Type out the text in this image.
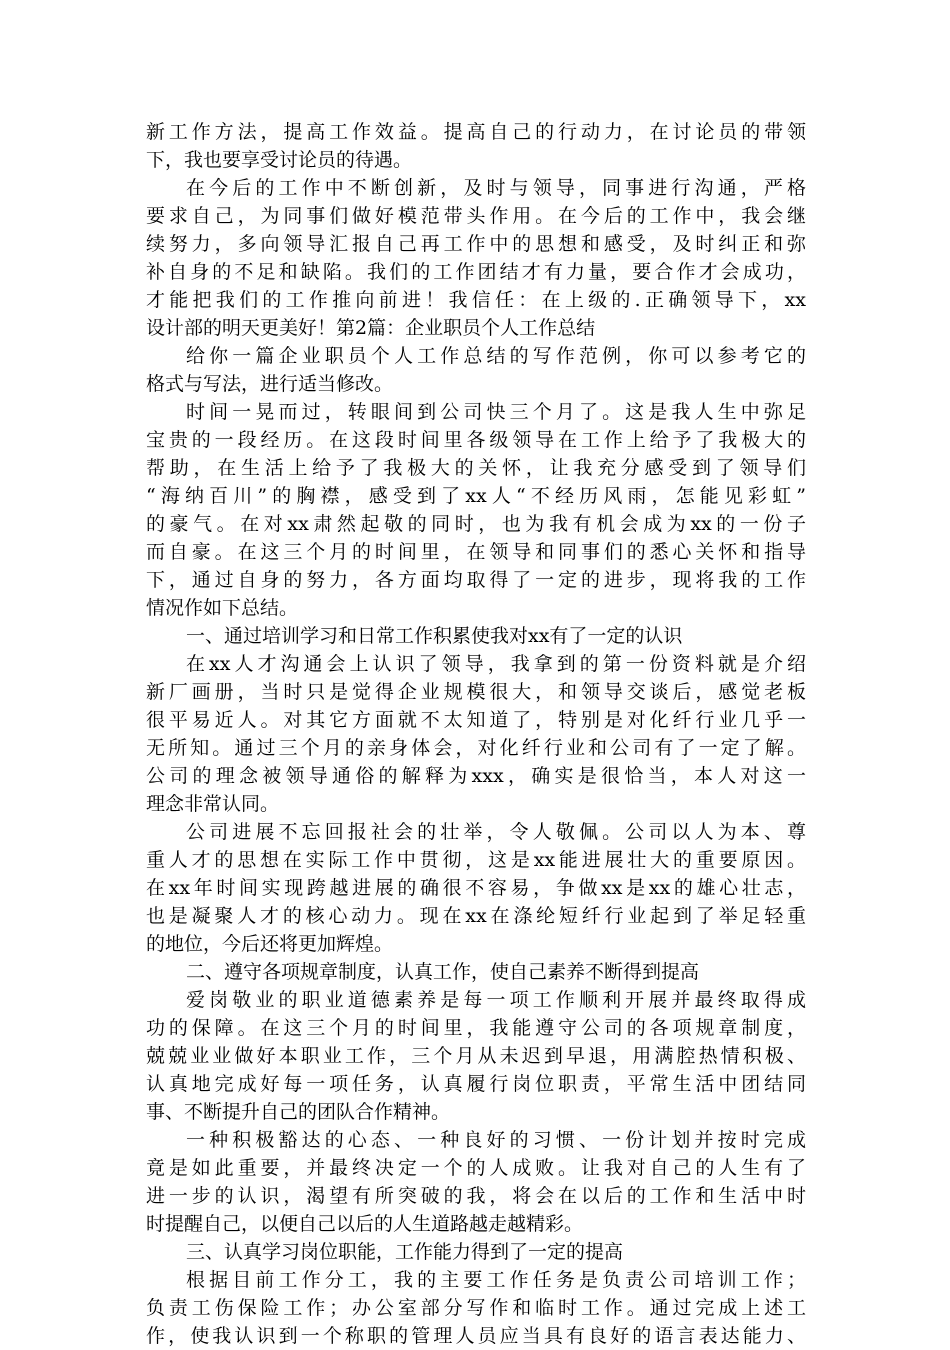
新工作方法，提高工作效益。提高自己的行动力，在讨论员的带领
下，我也要享受讨论员的待遇。
在今后的工作中不断创新，及时与领导，同事进行沟通，严格
要求自己，为同事们做好模范带头作用。在今后的工作中，我会继
续努力，多向领导汇报自己再工作中的思想和感受，及时纠正和弥
补自身的不足和缺陷。我们的工作团结才有力量，要合作才会成功，
才能把我们的工作推向前进！我信任：在上级的.正确领导下，xx
设计部的明天更美好！第2篇：企业职员个人工作总结
给你一篇企业职员个人工作总结的写作范例，你可以参考它的
格式与写法，进行适当修改。
时间一晃而过，转眼间到公司快三个月了。这是我人生中弥足
宝贵的一段经历。在这段时间里各级领导在工作上给予了我极大的
帮助，在生活上给予了我极大的关怀，让我充分感受到了领导们
“海纳百川”的胸襟，感受到了xx人“不经历风雨，怎能见彩虹”
的豪气。在对xx肃然起敬的同时，也为我有机会成为xx的一份子
而自豪。在这三个月的时间里，在领导和同事们的悉心关怀和指导
下，通过自身的努力，各方面均取得了一定的进步，现将我的工作
情况作如下总结。
一、通过培训学习和日常工作积累使我对xx有了一定的认识
在xx人才沟通会上认识了领导，我拿到的第一份资料就是介绍
新厂画册，当时只是觉得企业规模很大，和领导交谈后，感觉老板
很平易近人。对其它方面就不太知道了，特别是对化纤行业几乎一
无所知。通过三个月的亲身体会，对化纤行业和公司有了一定了解。
公司的理念被领导通俗的解释为xxx，确实是很恰当，本人对这一
理念非常认同。
公司进展不忘回报社会的壮举，令人敬佩。公司以人为本、尊
重人才的思想在实际工作中贯彻，这是xx能进展壮大的重要原因。
在xx年时间实现跨越进展的确很不容易，争做xx是xx的雄心壮志，
也是凝聚人才的核心动力。现在xx在涤纶短纤行业起到了举足轻重
的地位，今后还将更加辉煌。
二、遵守各项规章制度，认真工作，使自己素养不断得到提高
爱岗敬业的职业道德素养是每一项工作顺利开展并最终取得成
功的保障。在这三个月的时间里，我能遵守公司的各项规章制度，
兢兢业业做好本职业工作，三个月从未迟到早退，用满腔热情积极、
认真地完成好每一项任务，认真履行岗位职责，平常生活中团结同
事、不断提升自己的团队合作精神。
一种积极豁达的心态、一种良好的习惯、一份计划并按时完成
竟是如此重要，并最终决定一个的人成败。让我对自己的人生有了
进一步的认识，渴望有所突破的我，将会在以后的工作和生活中时
时提醒自己，以便自己以后的人生道路越走越精彩。
三、认真学习岗位职能，工作能力得到了一定的提高
根据目前工作分工，我的主要工作任务是负责公司培训工作；
负责工伤保险工作；办公室部分写作和临时工作。通过完成上述工
作，使我认识到一个称职的管理人员应当具有良好的语言表达能力、
